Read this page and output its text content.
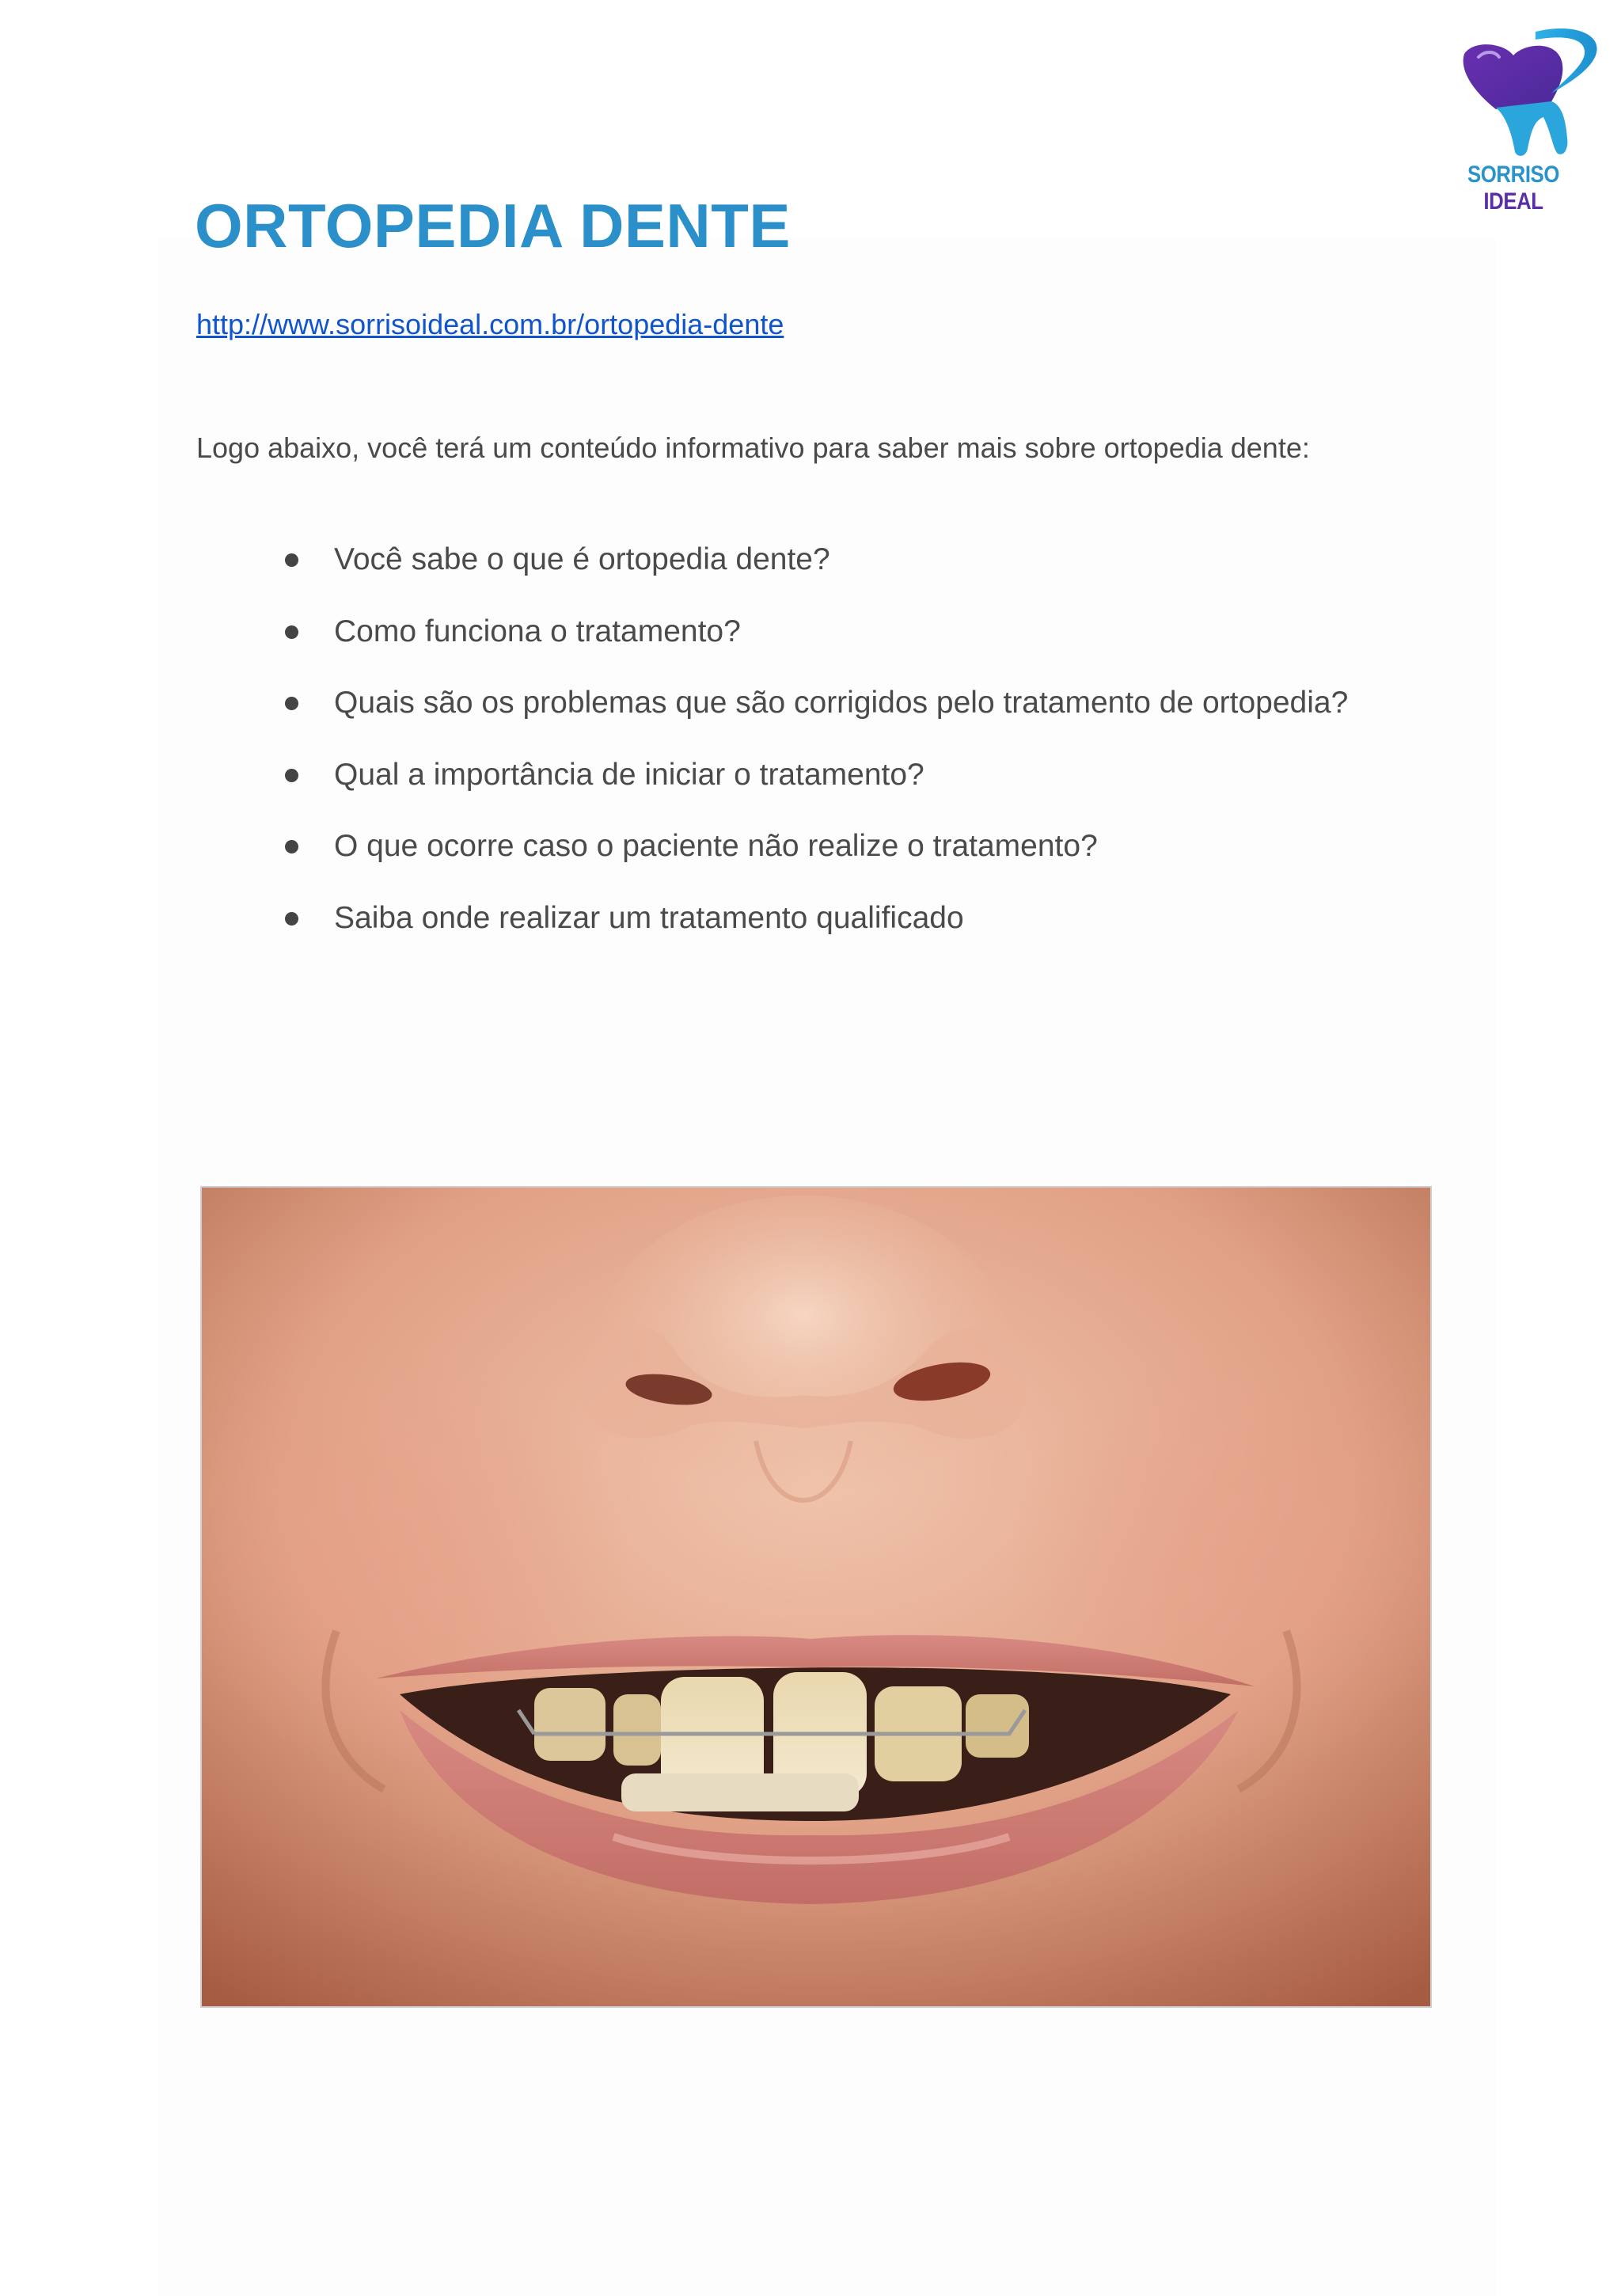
SORRISO IDEAL
ORTOPEDIA DENTE
http://www.sorrisoideal.com.br/ortopedia-dente

Logo abaixo, você terá um conteúdo informativo para saber mais sobre ortopedia dente:

Você sabe o que é ortopedia dente?
Como funciona o tratamento?
Quais são os problemas que são corrigidos pelo tratamento de ortopedia?
Qual a importância de iniciar o tratamento?
O que ocorre caso o paciente não realize o tratamento?
Saiba onde realizar um tratamento qualificado
